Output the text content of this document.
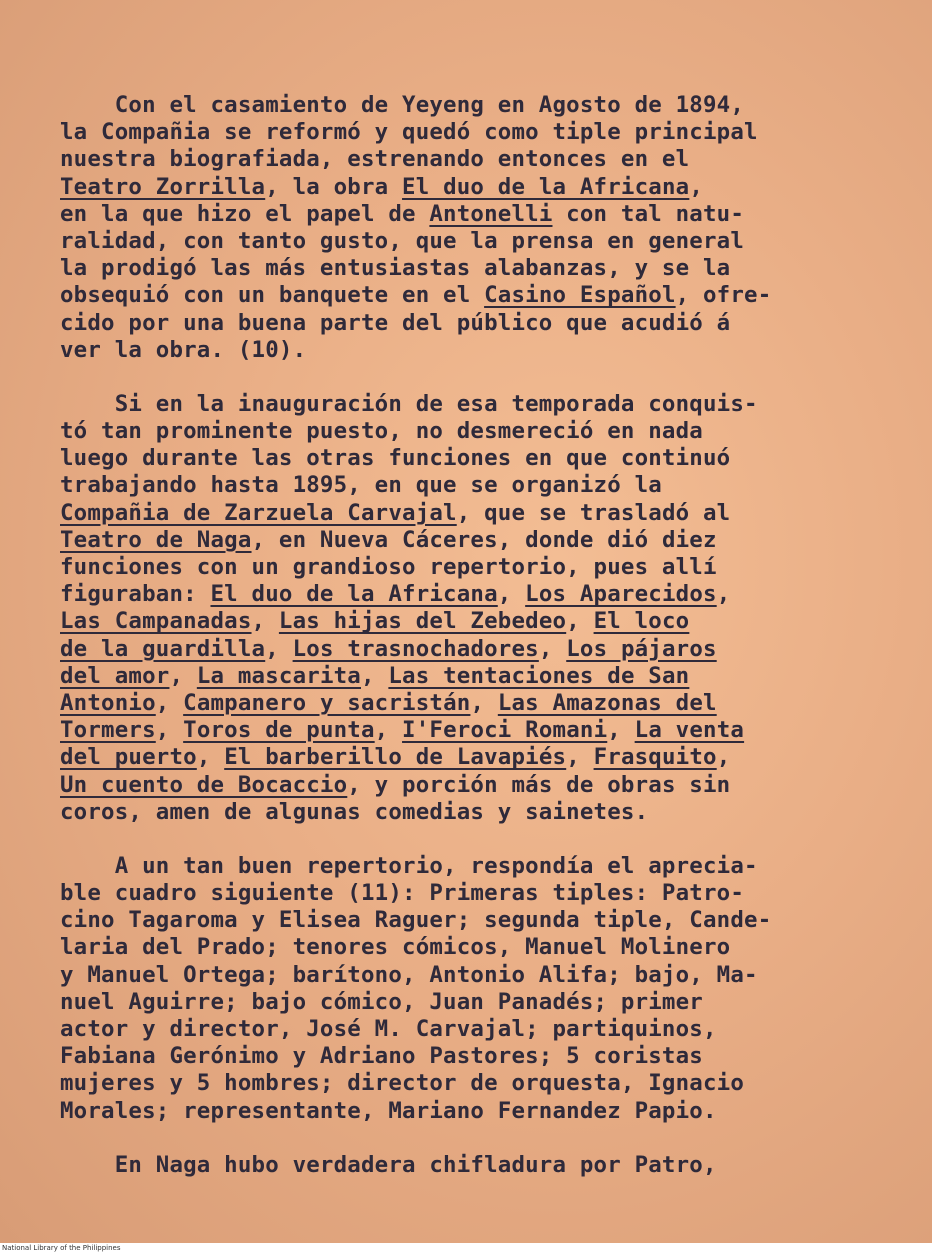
Con el casamiento de Yeyeng en Agosto de 1894,
la Compañia se reformó y quedó como tiple principal
nuestra biografiada, estrenando entonces en el
Teatro Zorrilla, la obra El duo de la Africana,
en la que hizo el papel de Antonelli con tal natu-
ralidad, con tanto gusto, que la prensa en general
la prodigó las más entusiastas alabanzas, y se la
obsequió con un banquete en el Casino Español, ofre-
cido por una buena parte del público que acudió á
ver la obra. (10).
Si en la inauguración de esa temporada conquis-
tó tan prominente puesto, no desmereció en nada
luego durante las otras funciones en que continuó
trabajando hasta 1895, en que se organizó la
Compañia de Zarzuela Carvajal, que se trasladó al
Teatro de Naga, en Nueva Cáceres, donde dió diez
funciones con un grandioso repertorio, pues allí
figuraban: El duo de la Africana, Los Aparecidos,
Las Campanadas, Las hijas del Zebedeo, El loco
de la guardilla, Los trasnochadores, Los pájaros
del amor, La mascarita, Las tentaciones de San
Antonio, Campanero y sacristán, Las Amazonas del
Tormers, Toros de punta, I'Feroci Romani, La venta
del puerto, El barberillo de Lavapiés, Frasquito,
Un cuento de Bocaccio, y porción más de obras sin
coros, amen de algunas comedias y sainetes.
A un tan buen repertorio, respondía el aprecia-
ble cuadro siguiente (11): Primeras tiples: Patro-
cino Tagaroma y Elisea Raguer; segunda tiple, Cande-
laria del Prado; tenores cómicos, Manuel Molinero
y Manuel Ortega; barítono, Antonio Alifa; bajo, Ma-
nuel Aguirre; bajo cómico, Juan Panadés; primer
actor y director, José M. Carvajal; partiquinos,
Fabiana Gerónimo y Adriano Pastores; 5 coristas
mujeres y 5 hombres; director de orquesta, Ignacio
Morales; representante, Mariano Fernandez Papio.
En Naga hubo verdadera chifladura por Patro,
National Library of the Philippines
